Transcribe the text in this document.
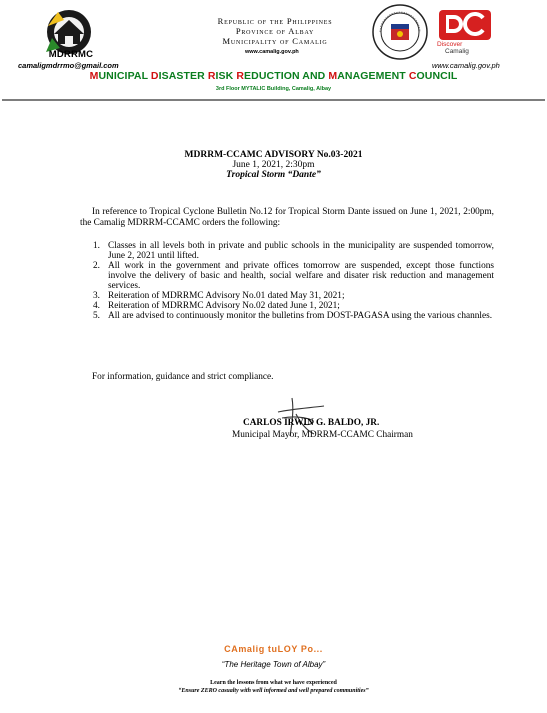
MDRRMC
camaligmdrrmo@gmail.com
Republic of the Philippines
Province of Albay
Municipality of Camalig
www.camalig.gov.ph
Discover
Camalig
www.camalig.gov.ph
MUNICIPAL DISASTER RISK REDUCTION AND MANAGEMENT COUNCIL
3rd Floor MYTALIC Building, Camalig, Albay
MDRRM-CCAMC ADVISORY No.03-2021
June 1, 2021, 2:30pm
Tropical Storm “Dante”
In reference to Tropical Cyclone Bulletin No.12 for Tropical Storm Dante issued on June 1, 2021, 2:00pm, the Camalig MDRRM-CCAMC orders the following:
1. Classes in all levels both in private and public schools in the municipality are suspended tomorrow, June 2, 2021 until lifted.
2. All work in the government and private offices tomorrow are suspended, except those functions involve the delivery of basic and health, social welfare and disater risk reduction and management services.
3. Reiteration of MDRRMC Advisory No.01 dated May 31, 2021;
4. Reiteration of MDRRMC Advisory No.02 dated June 1, 2021;
5. All are advised to continuously monitor the bulletins from DOST-PAGASA using the various channles.
For information, guidance and strict compliance.
CARLOS IRWIN G. BALDO, JR.
Municipal Mayor, MDRRM-CCAMC Chairman
CAmalig tuLOY Po...
“The Heritage Town of Albay”
Learn the lessons from what we have experienced
“Ensure ZERO casualty with well informed and well prepared communities”
